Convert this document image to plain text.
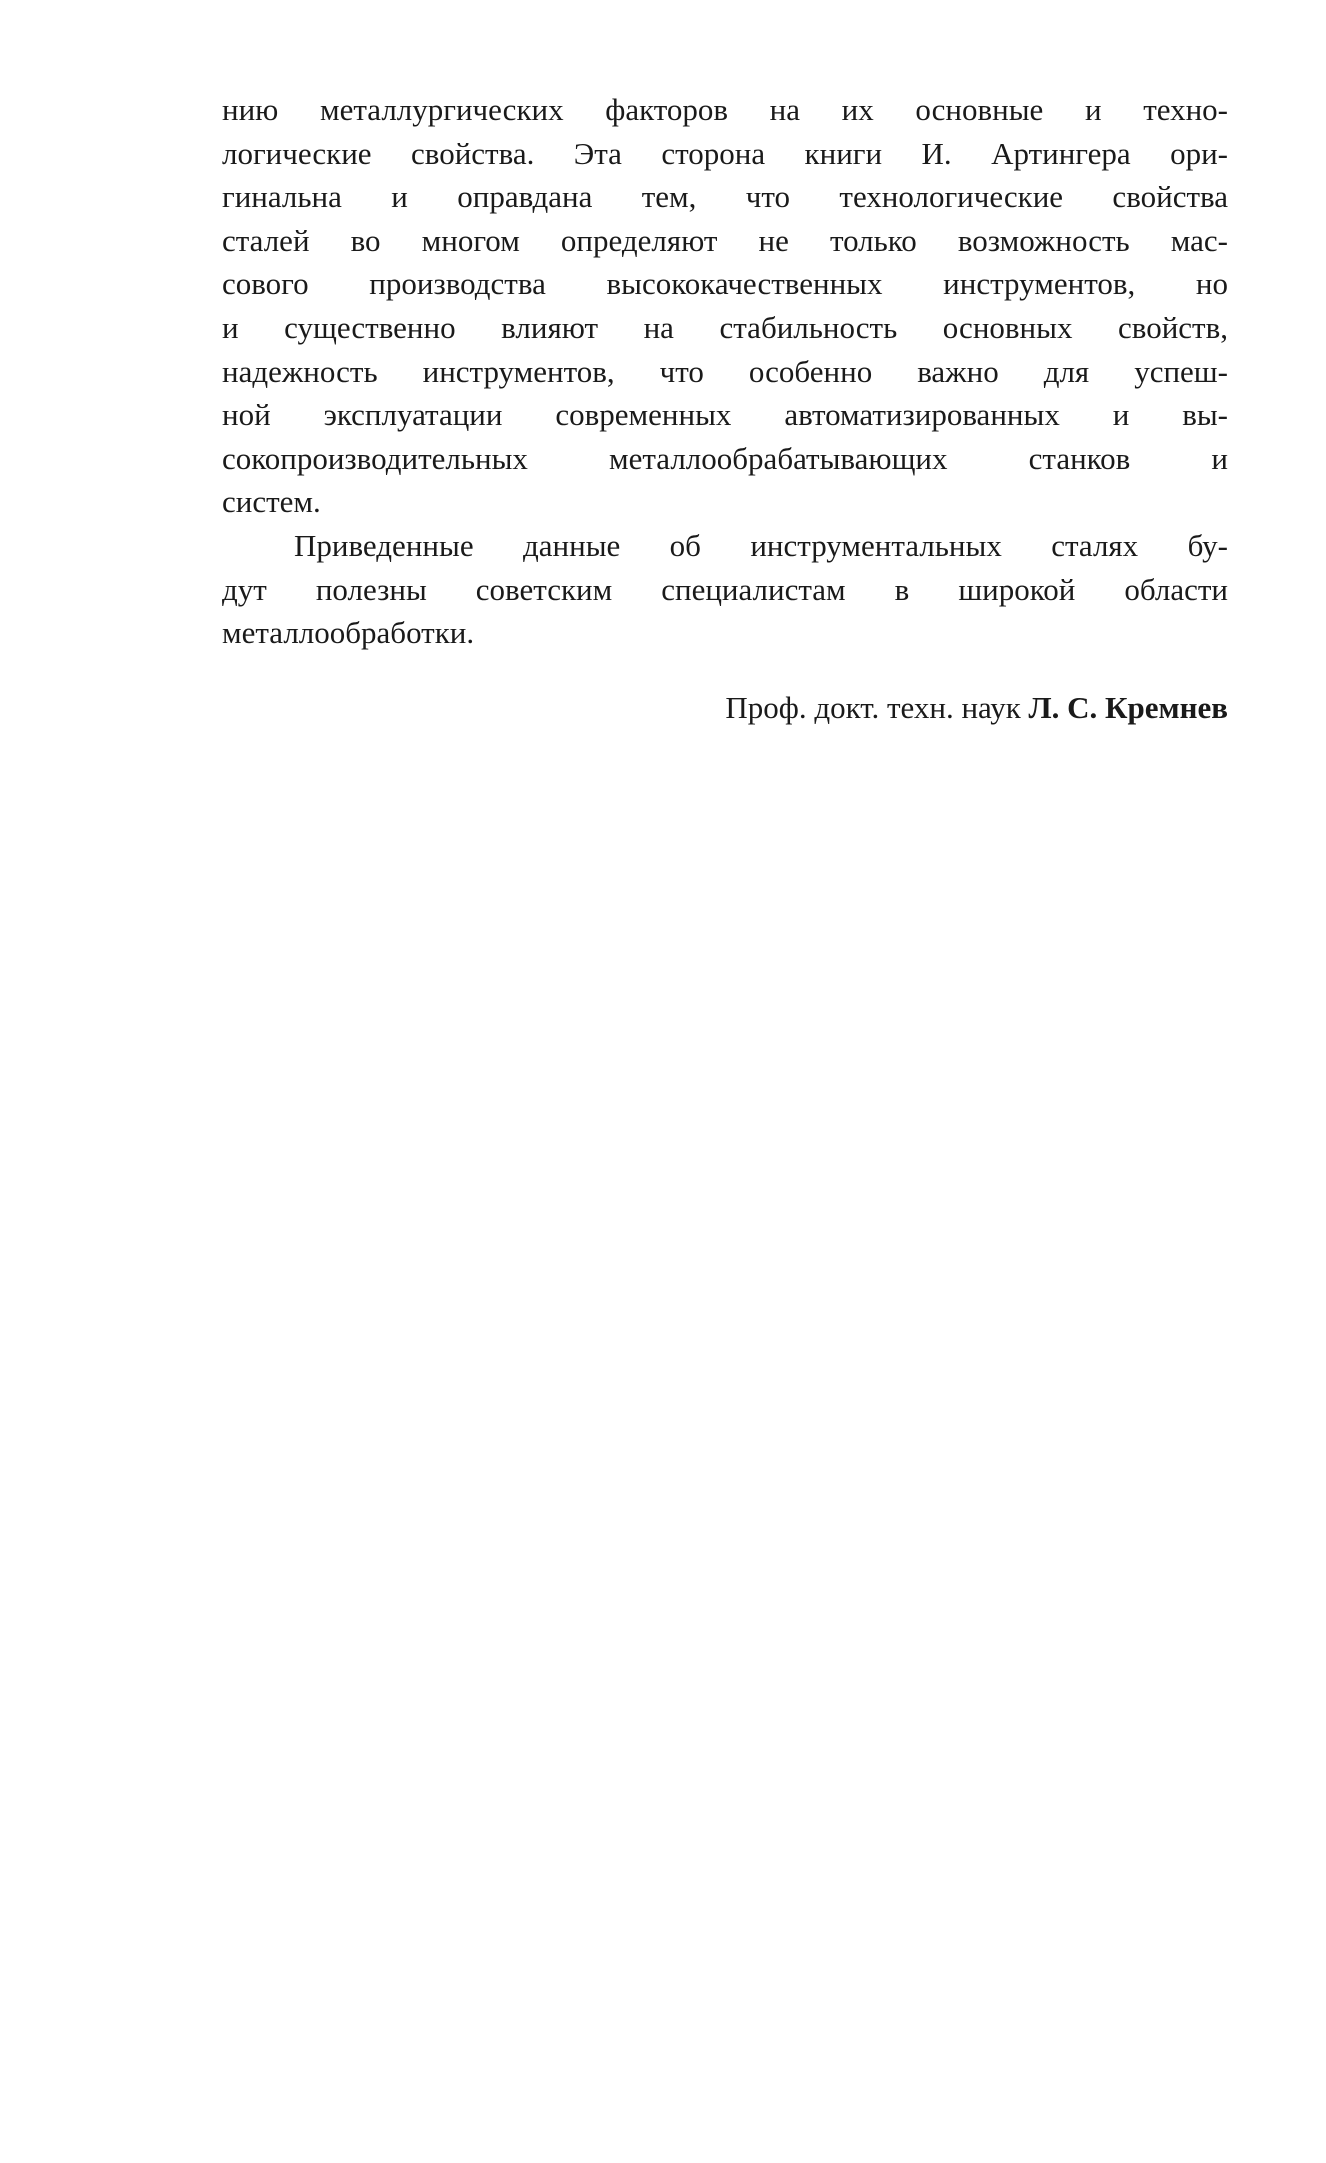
нию металлургических факторов на их основные и техно-
логические свойства. Эта сторона книги И. Артингера ори-
гинальна и оправдана тем, что технологические свойства
сталей во многом определяют не только возможность мас-
сового производства высококачественных инструментов, но
и существенно влияют на стабильность основных свойств,
надежность инструментов, что особенно важно для успеш-
ной эксплуатации современных автоматизированных и вы-
сокопроизводительных металлообрабатывающих станков и
систем.
Приведенные данные об инструментальных сталях бу-
дут полезны советским специалистам в широкой области
металлообработки.
Проф. докт. техн. наук Л. С. Кремнев
